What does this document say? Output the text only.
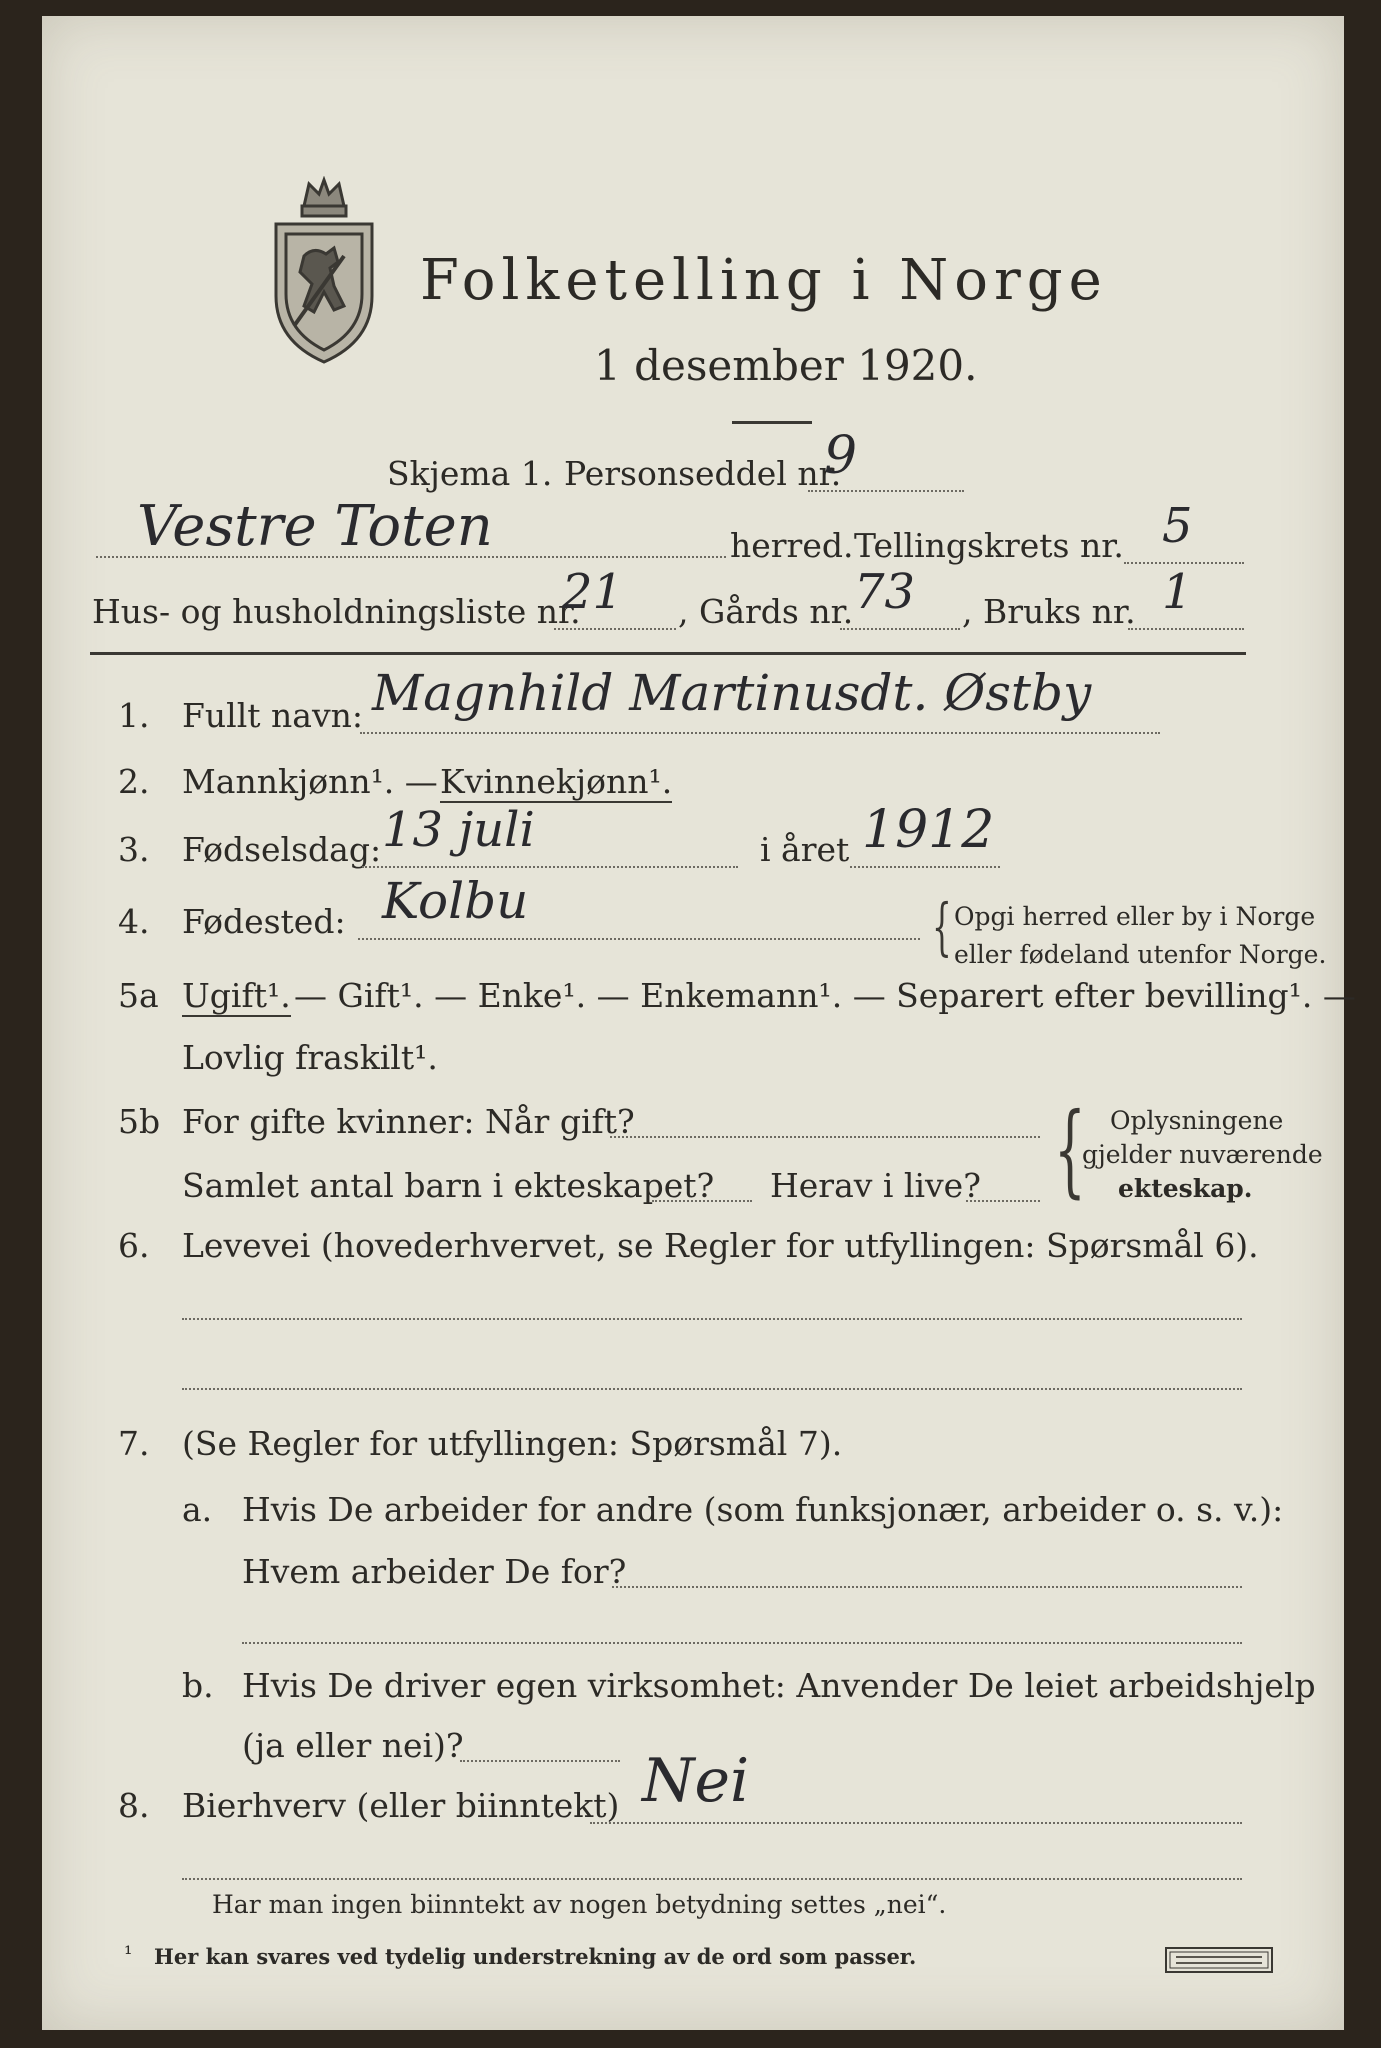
Folketelling i Norge
1 desember 1920.
Skjema 1. Personseddel nr.
9
Vestre Toten	herred. Tellingskrets nr. 5
Hus- og husholdningsliste nr.
21 , Gårds nr. 73 , Bruks nr. 1
1. Fullt navn: Magnhild Martinusdt. Østby
2. Mannkjønn¹. — Kvinnekjønn¹.
3. Fødselsdag: 13 juli	i året 1912
4. Fødested: Kolbu	{ Opgi herred eller by i Norge
eller fødeland utenfor Norge.
5a Ugift¹. — Gift¹. — Enke¹. — Enkemann¹. — Separert efter bevilling¹. —
Lovlig fraskilt¹.
5b For gifte kvinner: Når gift?
Samlet antal barn i ekteskapet? Herav i live? { Oplysningene
gjelder nuværende
ekteskap.
6. Levevei (hovederhvervet, se Regler for utfyllingen: Spørsmål 6).
7. (Se Regler for utfyllingen: Spørsmål 7).
a. Hvis De arbeider for andre (som funksjonær, arbeider o. s. v.):
Hvem arbeider De for?
b. Hvis De driver egen virksomhet: Anvender De leiet arbeidshjelp
(ja eller nei)?
8. Bierhverv (eller biinntekt) Nei
Har man ingen biinntekt av nogen betydning settes „nei“.
¹ Her kan svares ved tydelig understrekning av de ord som passer.
